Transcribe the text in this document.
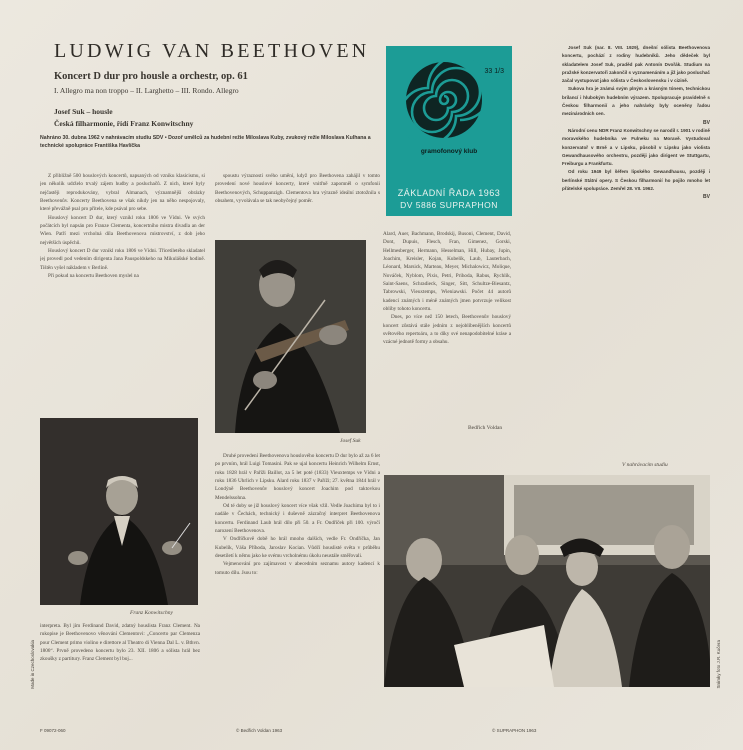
LUDWIG VAN BEETHOVEN
Koncert D dur pro housle a orchestr, op. 61
I. Allegro ma non troppo – II. Larghetto – III. Rondo. Allegro
Josef Suk – housle
Česká filharmonie, řídí Franz Konwitschny
Nahráno 30. dubna 1962 v nahrávacím studiu SDV • Dozoř umělců za hudební režie Miloslava Kuby, zvukový režie Miloslava Kulhana a technické spolupráce Františka Havlíčka
33 1/3
gramofonový klub
ZÁKLADNÍ ŘADA 1963
DV 5886 SUPRAPHON

Z přibližně 500 houslových koncertů, napsaných od vzniku klasicismu, si jen několik udrželo trvalý zájem hudby a posluchačů. Z nich, které byly nejčastěji reprodukovány, vybral Almanach, významnější obrázky Beethovenův. Koncerty Beethovena se však nikdy jen na něho nespojovaly, které převážně psal pro přítele, kde psával pro sebe.

Houslový koncert D dur, který vznikl roku 1806 ve Vídni. Ve svých počátcích byl napsán pro Franze Clementa, koncertního mistra divadla an der Wien. Patří mezi vrcholná díla Beethovenova mistrovství, z dob jeho největších úspěchů.

Houslový koncert D dur vznikl roku 1806 ve Vídni. Třicetiletého skladatel jej provedl pod vedením dirigenta Jana Pauspoldskeho na Mikulášské hodině. Tištěn vyšel nákladem v Berlíně.

Při pokud na koncertu Beethoven myslel na

spoustu výraznosti svého umění, když pro Beethovena zahájil v tomto provedení nové houslové koncerty, které vnitřně zapomněl o symfonii Beethovenových, Schuppanzigh. Clementova hra výrazně ideální ztotožnila s obsahem, vyvolávala se tak neobyčejný poměr.

Josef Suk

Alard, Auer, Bachmann, Brodskij, Busoni, Clement, David, Dont, Dupuis, Flesch, Fran, Gimenez, Gorski, Hellmesberger, Hermann, Hesselman, Hill, Hubay, Jupin, Joachim, Kreisler, Kojan, Kubelík, Laub, Lauterbach, Léonard, Marsick, Marteau, Meyer, Michalowicz, Molique, Nováček, Nyblom, Pixis, Petri, Prihoda, Rabus, Rychlik, Saint-Saens, Schradieck, Singer, Sitt, Schultze-Biesantz, Tabrowski, Vieuxtemps, Wieniawski. Počet 44 autorů kadencí známých i méně známých jmen potvrzuje velikost obliby tohoto koncertu.

Dnes, po více než 150 letech, Beethovenův houslový koncert zůstává stále jedním z nejoblíbenějších koncertů světového repertoáru, a to díky své nenapodobitelné kráse a vzácné jednotě formy a obsahu.

Bedřich Voldan

Josef Suk (nar. 8. VIII. 1929), dnešní sólista Beethovenova koncertu, pochází z rodiny hudebníků. Jeho dědeček byl skladatelem Josef Suk, praděd pak Antonín Dvořák. Studium na pražské konzervatoři zakončil s vyznamenáním a již jako posluchač začal vystupovat jako sólista v Československu i v cizině.

Sukova hra je známá svým plným a krásným tónem, technickou brilancí i hlubokým hudebním výrazem. Spolupracuje pravidelně s Českou filharmonií a jeho nahrávky byly oceněny řadou mezinárodních cen.

BV

Národní cenu NDR Franz Konwitschny se narodil r. 1901 v rodině moravského hudebníka ve Fulneku na Moravě. Vystudoval konzervatoř v Brně a v Lipsku, působil v Lipsku jako violista Gewandhausového orchestru, později jako dirigent ve Stuttgartu, Freiburgu a Frankfurtu.

Od roku 1949 byl šéfem lipského Gewandhausu, později i berlínské Státní opery. S Českou filharmonií ho pojilo mnoho let přátelské spolupráce. Zemřel 28. VII. 1962.

BV
Franz Konwitschny

interpreta. Byl jím Ferdinand David, zdatný houslista Franz Clement. Na rukopise je Beethovenovo věnování Clementovi: „Concerto par Clemenza pour Clement primo violino e direttore al Theatro di Vienna Dal L. v. Bthvn. 1806“. Prvně provedeno koncertu bylo 23. XII. 1806 a sólista hrál bez zkoušky z partitury. Franz Clement byl boj...

Druhé provedení Beethovenova houslového koncertu D dur bylo až za 6 let po prvním, hrál Luigi Tomasini. Pak se ujal koncertu Heinrich Wilhelm Ernst, roku 1828 hrál v Paříži Baillot, za 5 let poté (1833) Vieuxtemps ve Vídni a roku 1836 Uhrlich v Lipsku. Alard roku 1837 v Paříži; 27. května 1844 hrál v Londýně Beethovenův houslový koncert Joachim pod taktovkou Mendelssohna.

Od té doby se již houslový koncert více však vžil. Vedle Joachima byl to i nadále v Čechách, technický i duševně zázračný interpret Beethovenova koncertu. Ferdinand Laub hrál dílo při 50. a Fr. Ondříček při 100. výročí narození Beethovenova.

V Ondříčkově době ho hrál mnoho dalších, vedle Fr. Ondříčka, Jan Kubelík, Váša Příhoda, Jaroslav Kocian. Vůdčí houslisté světa v průběhu desetiletí k němu jako ke svému vrcholnému úkolu neustále směřovali.

Vejmenování pro zajímavost v abecedním seznamu autory kadencí k tomuto dílu. Jsou to:

V nahrávacím studiu
Made in Czechoslovakia	Snímky foto J.R. Kučera
F 09072-060	© Bedřich Voldan 1963	© SUPRAPHON 1963
